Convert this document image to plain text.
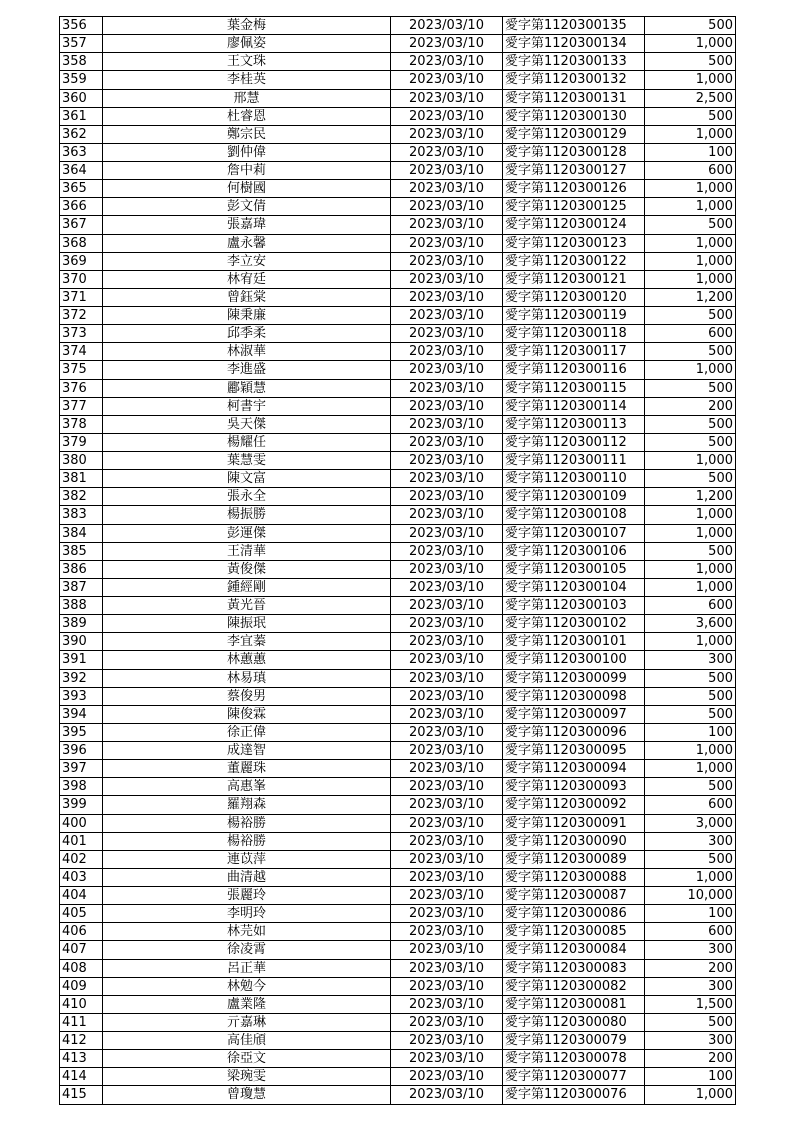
356	葉金梅	2023/03/10	愛字第1120300135	500
357	廖佩姿	2023/03/10	愛字第1120300134	1,000
358	王文珠	2023/03/10	愛字第1120300133	500
359	李桂英	2023/03/10	愛字第1120300132	1,000
360	邢慧	2023/03/10	愛字第1120300131	2,500
361	杜睿恩	2023/03/10	愛字第1120300130	500
362	鄭宗民	2023/03/10	愛字第1120300129	1,000
363	劉仲偉	2023/03/10	愛字第1120300128	100
364	詹中莉	2023/03/10	愛字第1120300127	600
365	何樹國	2023/03/10	愛字第1120300126	1,000
366	彭文倩	2023/03/10	愛字第1120300125	1,000
367	張嘉瑋	2023/03/10	愛字第1120300124	500
368	盧永馨	2023/03/10	愛字第1120300123	1,000
369	李立安	2023/03/10	愛字第1120300122	1,000
370	林宥廷	2023/03/10	愛字第1120300121	1,000
371	曾鈺棠	2023/03/10	愛字第1120300120	1,200
372	陳秉廉	2023/03/10	愛字第1120300119	500
373	邱季柔	2023/03/10	愛字第1120300118	600
374	林淑華	2023/03/10	愛字第1120300117	500
375	李進盛	2023/03/10	愛字第1120300116	1,000
376	酈穎慧	2023/03/10	愛字第1120300115	500
377	柯書宇	2023/03/10	愛字第1120300114	200
378	吳天傑	2023/03/10	愛字第1120300113	500
379	楊耀任	2023/03/10	愛字第1120300112	500
380	葉慧雯	2023/03/10	愛字第1120300111	1,000
381	陳文富	2023/03/10	愛字第1120300110	500
382	張永全	2023/03/10	愛字第1120300109	1,200
383	楊振勝	2023/03/10	愛字第1120300108	1,000
384	彭運傑	2023/03/10	愛字第1120300107	1,000
385	王清華	2023/03/10	愛字第1120300106	500
386	黃俊傑	2023/03/10	愛字第1120300105	1,000
387	鍾經剛	2023/03/10	愛字第1120300104	1,000
388	黃光晉	2023/03/10	愛字第1120300103	600
389	陳振珉	2023/03/10	愛字第1120300102	3,600
390	李宜蓁	2023/03/10	愛字第1120300101	1,000
391	林蕙蕙	2023/03/10	愛字第1120300100	300
392	林易瑱	2023/03/10	愛字第1120300099	500
393	蔡俊男	2023/03/10	愛字第1120300098	500
394	陳俊霖	2023/03/10	愛字第1120300097	500
395	徐正偉	2023/03/10	愛字第1120300096	100
396	成達智	2023/03/10	愛字第1120300095	1,000
397	董麗珠	2023/03/10	愛字第1120300094	1,000
398	高惠峯	2023/03/10	愛字第1120300093	500
399	羅翔森	2023/03/10	愛字第1120300092	600
400	楊裕勝	2023/03/10	愛字第1120300091	3,000
401	楊裕勝	2023/03/10	愛字第1120300090	300
402	連苡萍	2023/03/10	愛字第1120300089	500
403	曲清越	2023/03/10	愛字第1120300088	1,000
404	張麗玲	2023/03/10	愛字第1120300087	10,000
405	李明玲	2023/03/10	愛字第1120300086	100
406	林芫如	2023/03/10	愛字第1120300085	600
407	徐凌霄	2023/03/10	愛字第1120300084	300
408	呂正華	2023/03/10	愛字第1120300083	200
409	林勉今	2023/03/10	愛字第1120300082	300
410	盧業隆	2023/03/10	愛字第1120300081	1,500
411	亓嘉琳	2023/03/10	愛字第1120300080	500
412	高佳頎	2023/03/10	愛字第1120300079	300
413	徐亞文	2023/03/10	愛字第1120300078	200
414	梁琬雯	2023/03/10	愛字第1120300077	100
415	曾瓊慧	2023/03/10	愛字第1120300076	1,000
